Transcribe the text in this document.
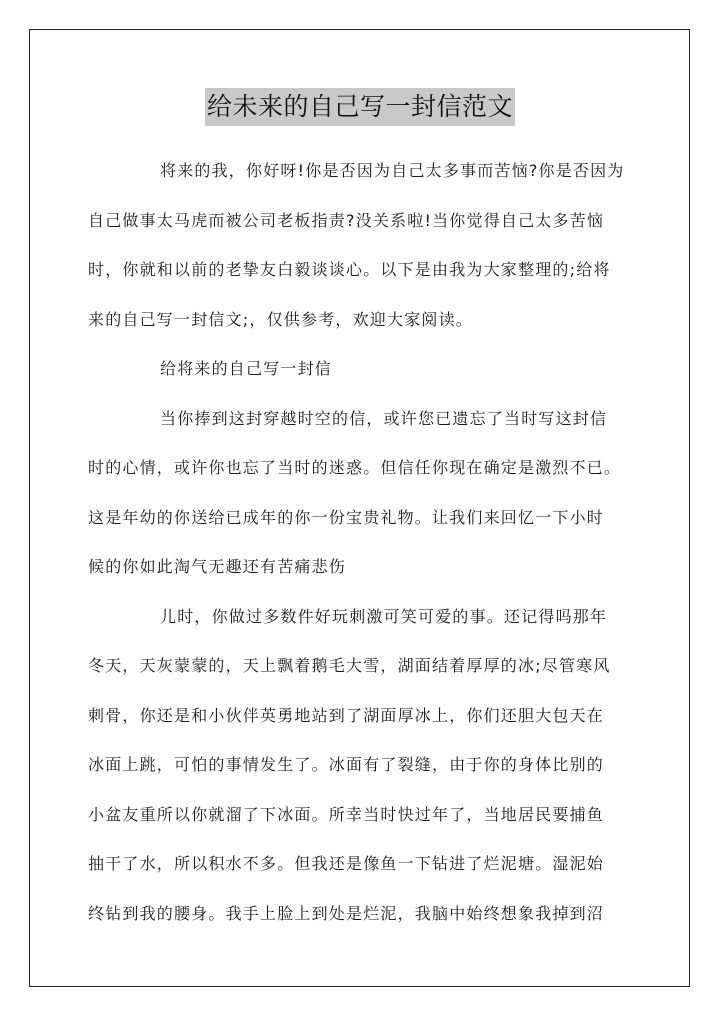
给未来的自己写一封信范文
将来的我，你好呀!你是否因为自己太多事而苦恼?你是否因为
自己做事太马虎而被公司老板指责?没关系啦!当你觉得自己太多苦恼
时，你就和以前的老挚友白毅谈谈心。以下是由我为大家整理的;给将
来的自己写一封信文;，仅供参考，欢迎大家阅读。
给将来的自己写一封信
当你捧到这封穿越时空的信，或许您已遗忘了当时写这封信
时的心情，或许你也忘了当时的迷惑。但信任你现在确定是激烈不已。
这是年幼的你送给已成年的你一份宝贵礼物。让我们来回忆一下小时
候的你如此淘气无趣还有苦痛悲伤
儿时，你做过多数件好玩刺激可笑可爱的事。还记得吗那年
冬天，天灰蒙蒙的，天上飘着鹅毛大雪，湖面结着厚厚的冰;尽管寒风
刺骨，你还是和小伙伴英勇地站到了湖面厚冰上，你们还胆大包天在
冰面上跳，可怕的事情发生了。冰面有了裂缝，由于你的身体比别的
小盆友重所以你就溜了下冰面。所幸当时快过年了，当地居民要捕鱼
抽干了水，所以积水不多。但我还是像鱼一下钻进了烂泥塘。湿泥始
终钻到我的腰身。我手上脸上到处是烂泥，我脑中始终想象我掉到沼
